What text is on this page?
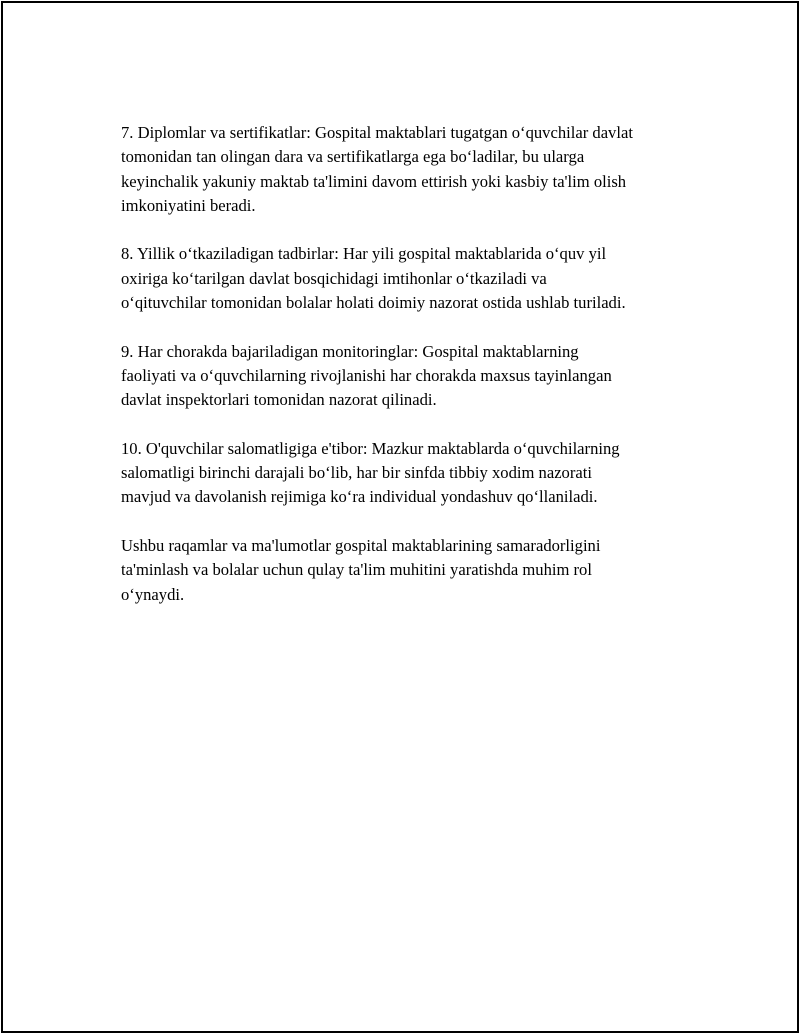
7. Diplomlar va sertifikatlar: Gospital maktablari tugatgan o‘quvchilar davlat
tomonidan tan olingan dara va sertifikatlarga ega bo‘ladilar, bu ularga
keyinchalik yakuniy maktab ta'limini davom ettirish yoki kasbiy ta'lim olish
imkoniyatini beradi.

8. Yillik o‘tkaziladigan tadbirlar: Har yili gospital maktablarida o‘quv yil
oxiriga ko‘tarilgan davlat bosqichidagi imtihonlar o‘tkaziladi va
o‘qituvchilar tomonidan bolalar holati doimiy nazorat ostida ushlab turiladi.

9. Har chorakda bajariladigan monitoringlar: Gospital maktablarning
faoliyati va o‘quvchilarning rivojlanishi har chorakda maxsus tayinlangan
davlat inspektorlari tomonidan nazorat qilinadi.

10. O'quvchilar salomatligiga e'tibor: Mazkur maktablarda o‘quvchilarning
salomatligi birinchi darajali bo‘lib, har bir sinfda tibbiy xodim nazorati
mavjud va davolanish rejimiga ko‘ra individual yondashuv qo‘llaniladi.

Ushbu raqamlar va ma'lumotlar gospital maktablarining samaradorligini
ta'minlash va bolalar uchun qulay ta'lim muhitini yaratishda muhim rol
o‘ynaydi.
